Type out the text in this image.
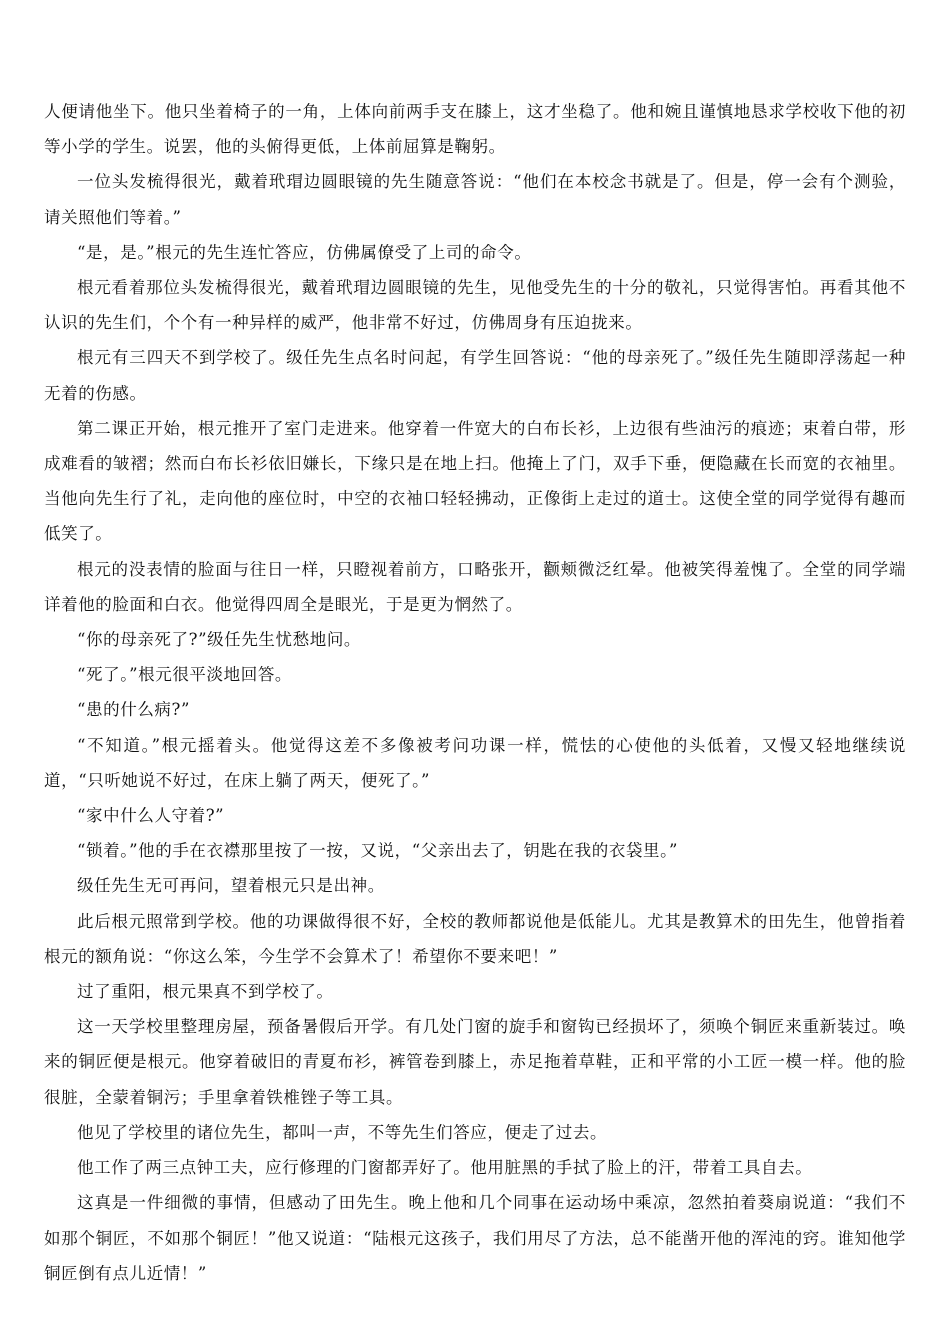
人便请他坐下。他只坐着椅子的一角，上体向前两手支在膝上，这才坐稳了。他和婉且谨慎地恳求学校收下他的初等小学的学生。说罢，他的头俯得更低，上体前屈算是鞠躬。

一位头发梳得很光，戴着玳瑁边圆眼镜的先生随意答说：“他们在本校念书就是了。但是，停一会有个测验，请关照他们等着。”

“是，是。”根元的先生连忙答应，仿佛属僚受了上司的命令。

根元看着那位头发梳得很光，戴着玳瑁边圆眼镜的先生，见他受先生的十分的敬礼，只觉得害怕。再看其他不认识的先生们，个个有一种异样的威严，他非常不好过，仿佛周身有压迫拢来。

根元有三四天不到学校了。级任先生点名时问起，有学生回答说：“他的母亲死了。”级任先生随即浮荡起一种无着的伤感。

第二课正开始，根元推开了室门走进来。他穿着一件宽大的白布长衫，上边很有些油污的痕迹；束着白带，形成难看的皱褶；然而白布长衫依旧嫌长，下缘只是在地上扫。他掩上了门，双手下垂，便隐藏在长而宽的衣袖里。当他向先生行了礼，走向他的座位时，中空的衣袖口轻轻拂动，正像街上走过的道士。这使全堂的同学觉得有趣而低笑了。

根元的没表情的脸面与往日一样，只瞪视着前方，口略张开，颧颊微泛红晕。他被笑得羞愧了。全堂的同学端详着他的脸面和白衣。他觉得四周全是眼光，于是更为惘然了。

“你的母亲死了?”级任先生忧愁地问。

“死了。”根元很平淡地回答。

“患的什么病?”

“不知道。”根元摇着头。他觉得这差不多像被考问功课一样，慌怯的心使他的头低着，又慢又轻地继续说道，“只听她说不好过，在床上躺了两天，便死了。”

“家中什么人守着?”

“锁着。”他的手在衣襟那里按了一按，又说，“父亲出去了，钥匙在我的衣袋里。”

级任先生无可再问，望着根元只是出神。

此后根元照常到学校。他的功课做得很不好，全校的教师都说他是低能儿。尤其是教算术的田先生，他曾指着根元的额角说：“你这么笨，今生学不会算术了！希望你不要来吧！”

过了重阳，根元果真不到学校了。

这一天学校里整理房屋，预备暑假后开学。有几处门窗的旋手和窗钩已经损坏了，须唤个铜匠来重新装过。唤来的铜匠便是根元。他穿着破旧的青夏布衫，裤管卷到膝上，赤足拖着草鞋，正和平常的小工匠一模一样。他的脸很脏，全蒙着铜污；手里拿着铁椎锉子等工具。

他见了学校里的诸位先生，都叫一声，不等先生们答应，便走了过去。

他工作了两三点钟工夫，应行修理的门窗都弄好了。他用脏黑的手拭了脸上的汗，带着工具自去。

这真是一件细微的事情，但感动了田先生。晚上他和几个同事在运动场中乘凉，忽然拍着葵扇说道：“我们不如那个铜匠，不如那个铜匠！”他又说道：“陆根元这孩子，我们用尽了方法，总不能凿开他的浑沌的窍。谁知他学铜匠倒有点儿近情！”
